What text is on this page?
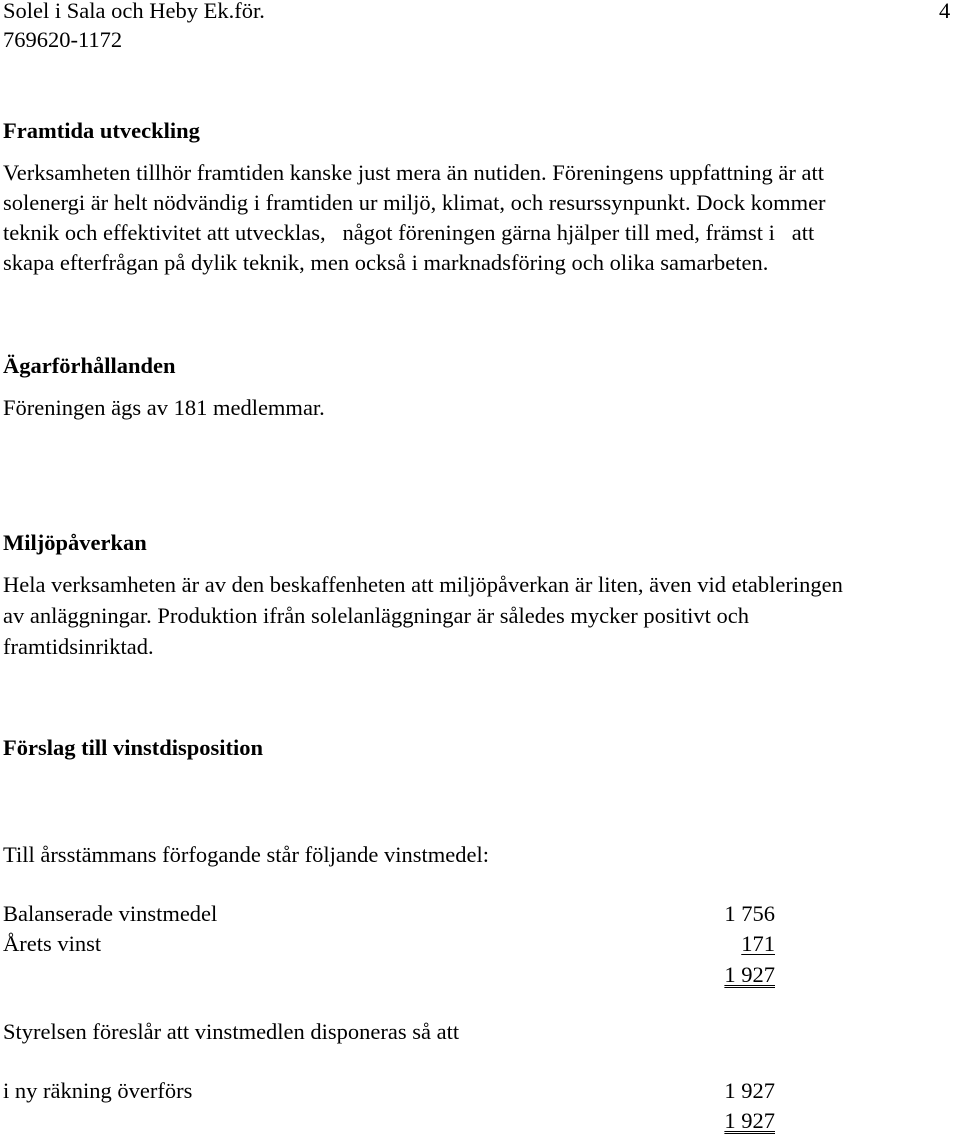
Solel i Sala och Heby Ek.för.
769620-1172
4
Framtida utveckling
Verksamheten tillhör framtiden kanske just mera än nutiden. Föreningens uppfattning är att
solenergi är helt nödvändig i framtiden ur miljö, klimat, och resurssynpunkt. Dock kommer
teknik och effektivitet att utvecklas,   något föreningen gärna hjälper till med, främst i   att
skapa efterfrågan på dylik teknik, men också i marknadsföring och olika samarbeten.
Ägarförhållanden
Föreningen ägs av 181 medlemmar.
Miljöpåverkan
Hela verksamheten är av den beskaffenheten att miljöpåverkan är liten, även vid etableringen
av anläggningar. Produktion ifrån solelanläggningar är således mycker positivt och
framtidsinriktad.
Förslag till vinstdisposition
Till årsstämmans förfogande står följande vinstmedel:
Balanserade vinstmedel	1 756
Årets vinst	171
1 927
Styrelsen föreslår att vinstmedlen disponeras så att
i ny räkning överförs	1 927
1 927
